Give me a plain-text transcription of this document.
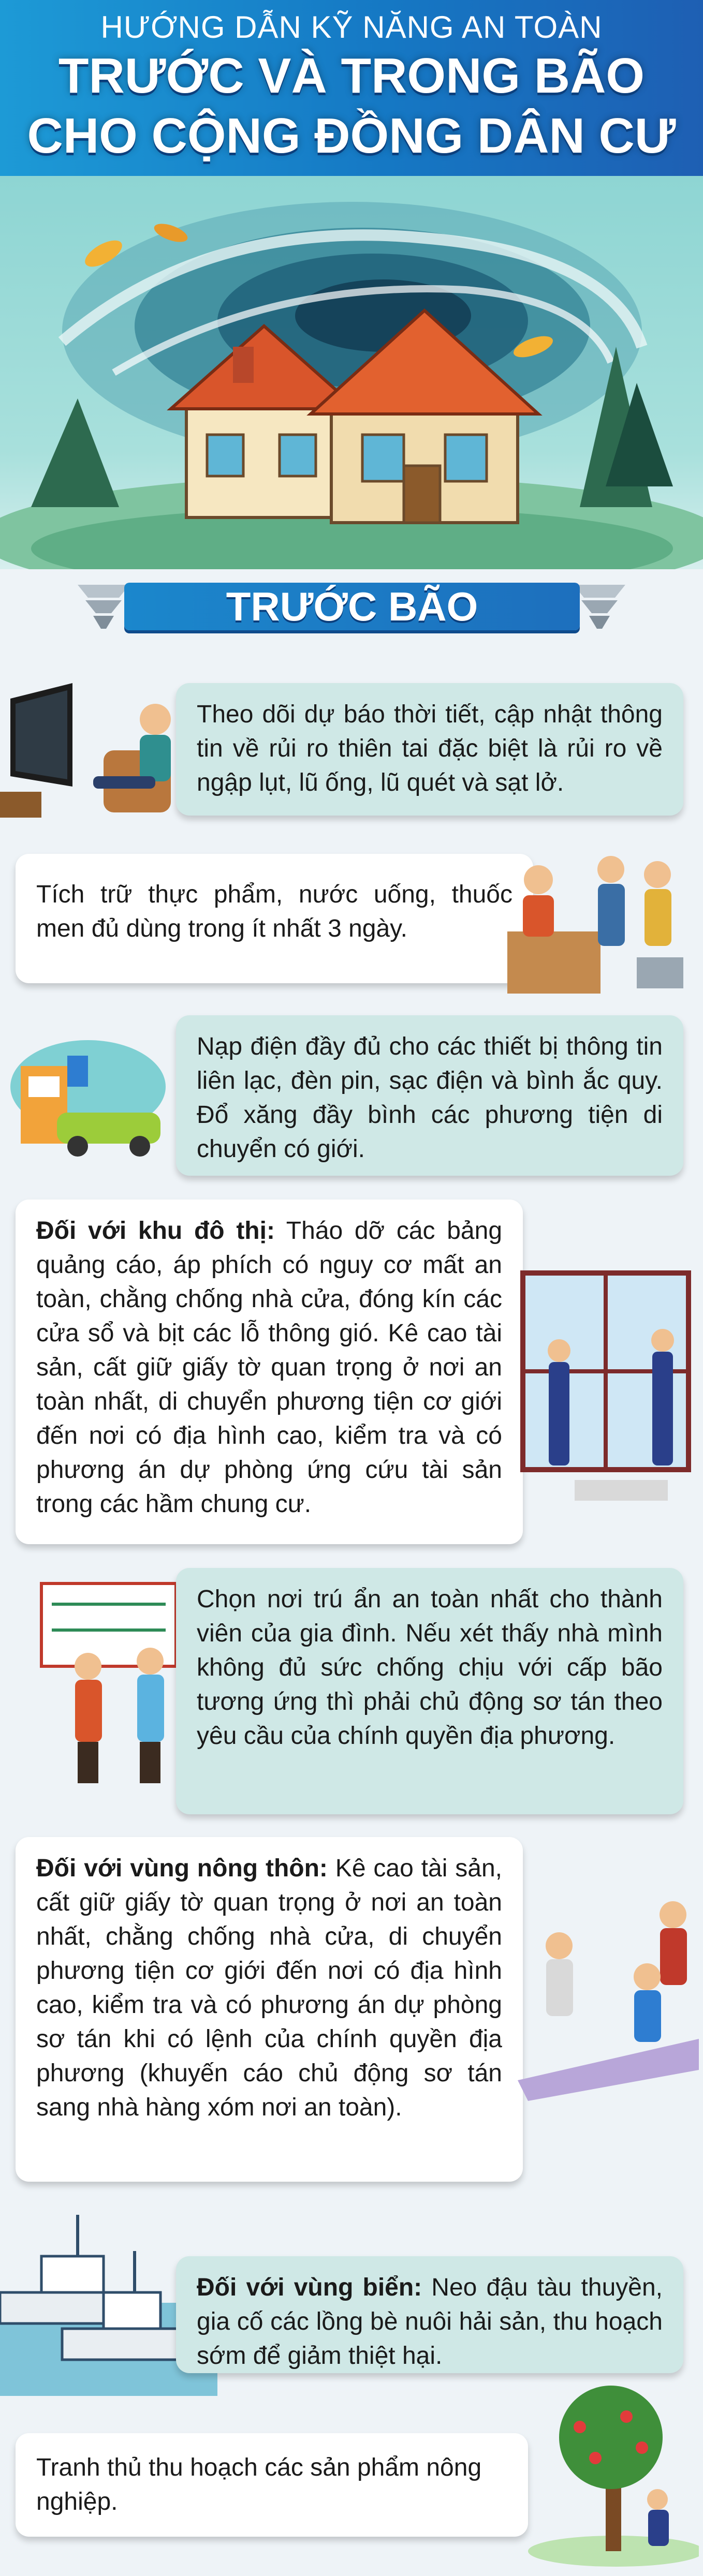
HƯỚNG DẪN KỸ NĂNG AN TOÀN
TRƯỚC VÀ TRONG BÃO
CHO CỘNG ĐỒNG DÂN CƯ
TRƯỚC BÃO

Theo dõi dự báo thời tiết, cập nhật thông tin về rủi ro thiên tai đặc biệt là rủi ro về ngập lụt, lũ ống, lũ quét và sạt lở.

Tích trữ thực phẩm, nước uống, thuốc men đủ dùng trong ít nhất 3 ngày.

Nạp điện đầy đủ cho các thiết bị thông tin liên lạc, đèn pin, sạc điện và bình ắc quy. Đổ xăng đầy bình các phương tiện di chuyển có giới.

Đối với khu đô thị: Tháo dỡ các bảng quảng cáo, áp phích có nguy cơ mất an toàn, chằng chống nhà cửa, đóng kín các cửa sổ và bịt các lỗ thông gió. Kê cao tài sản, cất giữ giấy tờ quan trọng ở nơi an toàn nhất, di chuyển phương tiện cơ giới đến nơi có địa hình cao, kiểm tra và có phương án dự phòng ứng cứu tài sản trong các hầm chung cư.

Chọn nơi trú ẩn an toàn nhất cho thành viên của gia đình. Nếu xét thấy nhà mình không đủ sức chống chịu với cấp bão tương ứng thì phải chủ động sơ tán theo yêu cầu của chính quyền địa phương.

Đối với vùng nông thôn: Kê cao tài sản, cất giữ giấy tờ quan trọng ở nơi an toàn nhất, chằng chống nhà cửa, di chuyển phương tiện cơ giới đến nơi có địa hình cao, kiểm tra và có phương án dự phòng sơ tán khi có lệnh của chính quyền địa phương (khuyến cáo chủ động sơ tán sang nhà hàng xóm nơi an toàn).

Đối với vùng biển: Neo đậu tàu thuyền, gia cố các lồng bè nuôi hải sản, thu hoạch sớm để giảm thiệt hại.

Tranh thủ thu hoạch các sản phẩm nông nghiệp.
